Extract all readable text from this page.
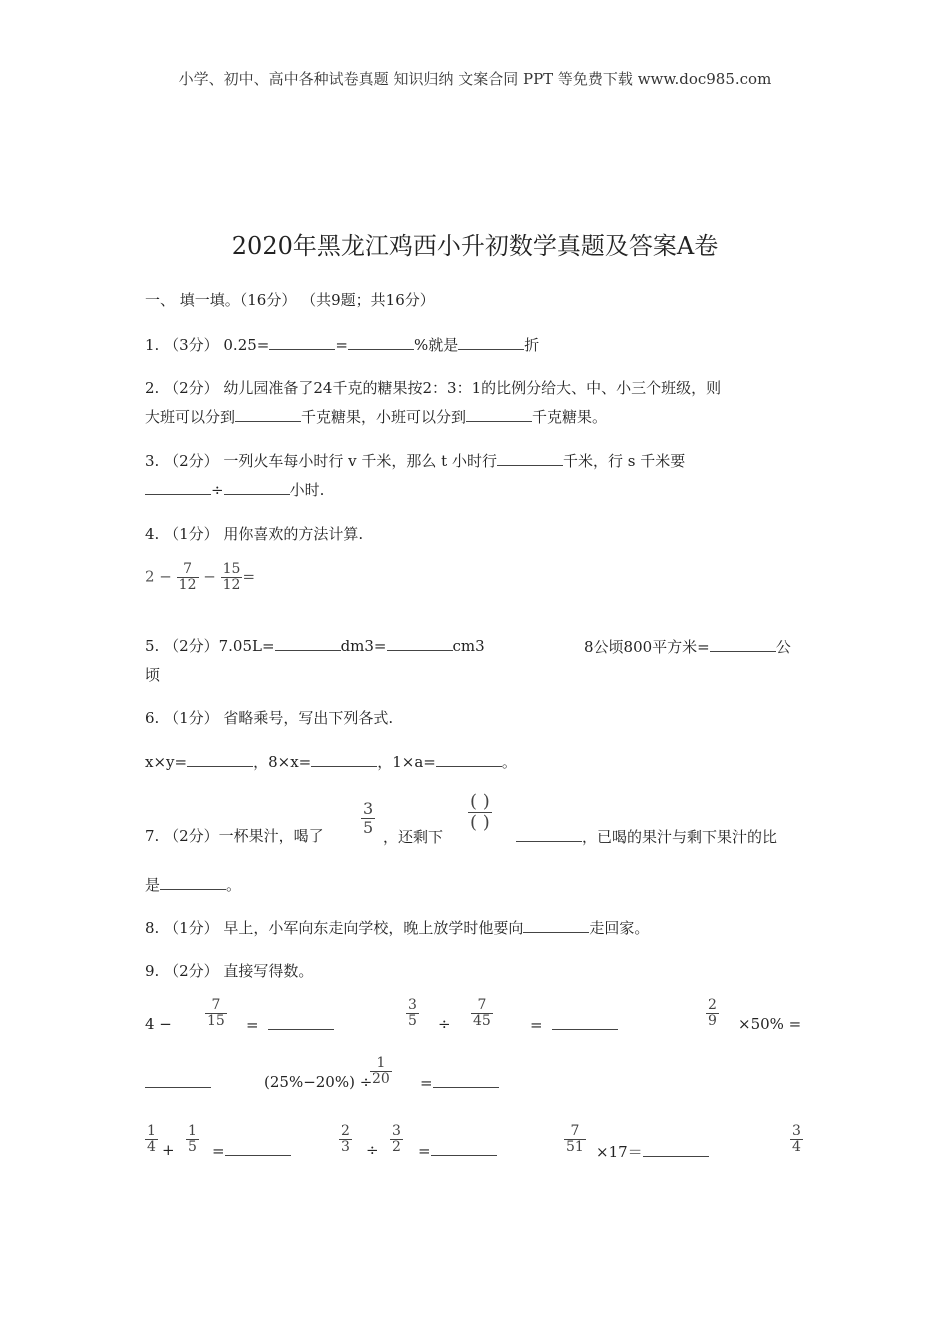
小学、初中、高中各种试卷真题 知识归纳 文案合同 PPT 等免费下载 www.doc985.com
2020年黑龙江鸡西小升初数学真题及答案A卷
一、 填一填。（16分） （共9题；共16分）
1. （3分） 0.25=	=	%就是	折
2. （2分） 幼儿园准备了24千克的糖果按2：3：1的比例分给大、中、小三个班级，则
大班可以分到	千克糖果，小班可以分到	千克糖果。
3. （2分） 一列火车每小时行 v 千米，那么 t 小时行	千米，行 s 千米要
÷	小时.
4. （1分） 用你喜欢的方法计算.
$2 - \frac{7}{12} - \frac{15}{12}$ =
5. （2分）7.05L=	dm3=	cm3	8公顷800平方米=	公
顷
6. （1分） 省略乘号，写出下列各式.
x×y=	，8×x=	，1×a=	。
7. （2分）一杯果汁，喝了 $\frac{3}{5}$ ，还剩下
$\frac{( )}{( )}$
，已喝的果汁与剩下果汁的比
是	。
8. （1分） 早上，小军向东走向学校，晚上放学时他要向	走回家。
9. （2分） 直接写得数。
$4 - \frac{7}{15}$ =	$\frac{3}{5} \div \frac{7}{45}$ =	$\frac{2}{9} \times 50\%$ =
(25%−20%) ÷
$\frac{1}{20}$ =
$\frac{1}{4} + \frac{1}{5}$ =	$\frac{2}{3} \div \frac{3}{2}$ =	$\frac{7}{51} \times 17=$	$\frac{3}{4}$
